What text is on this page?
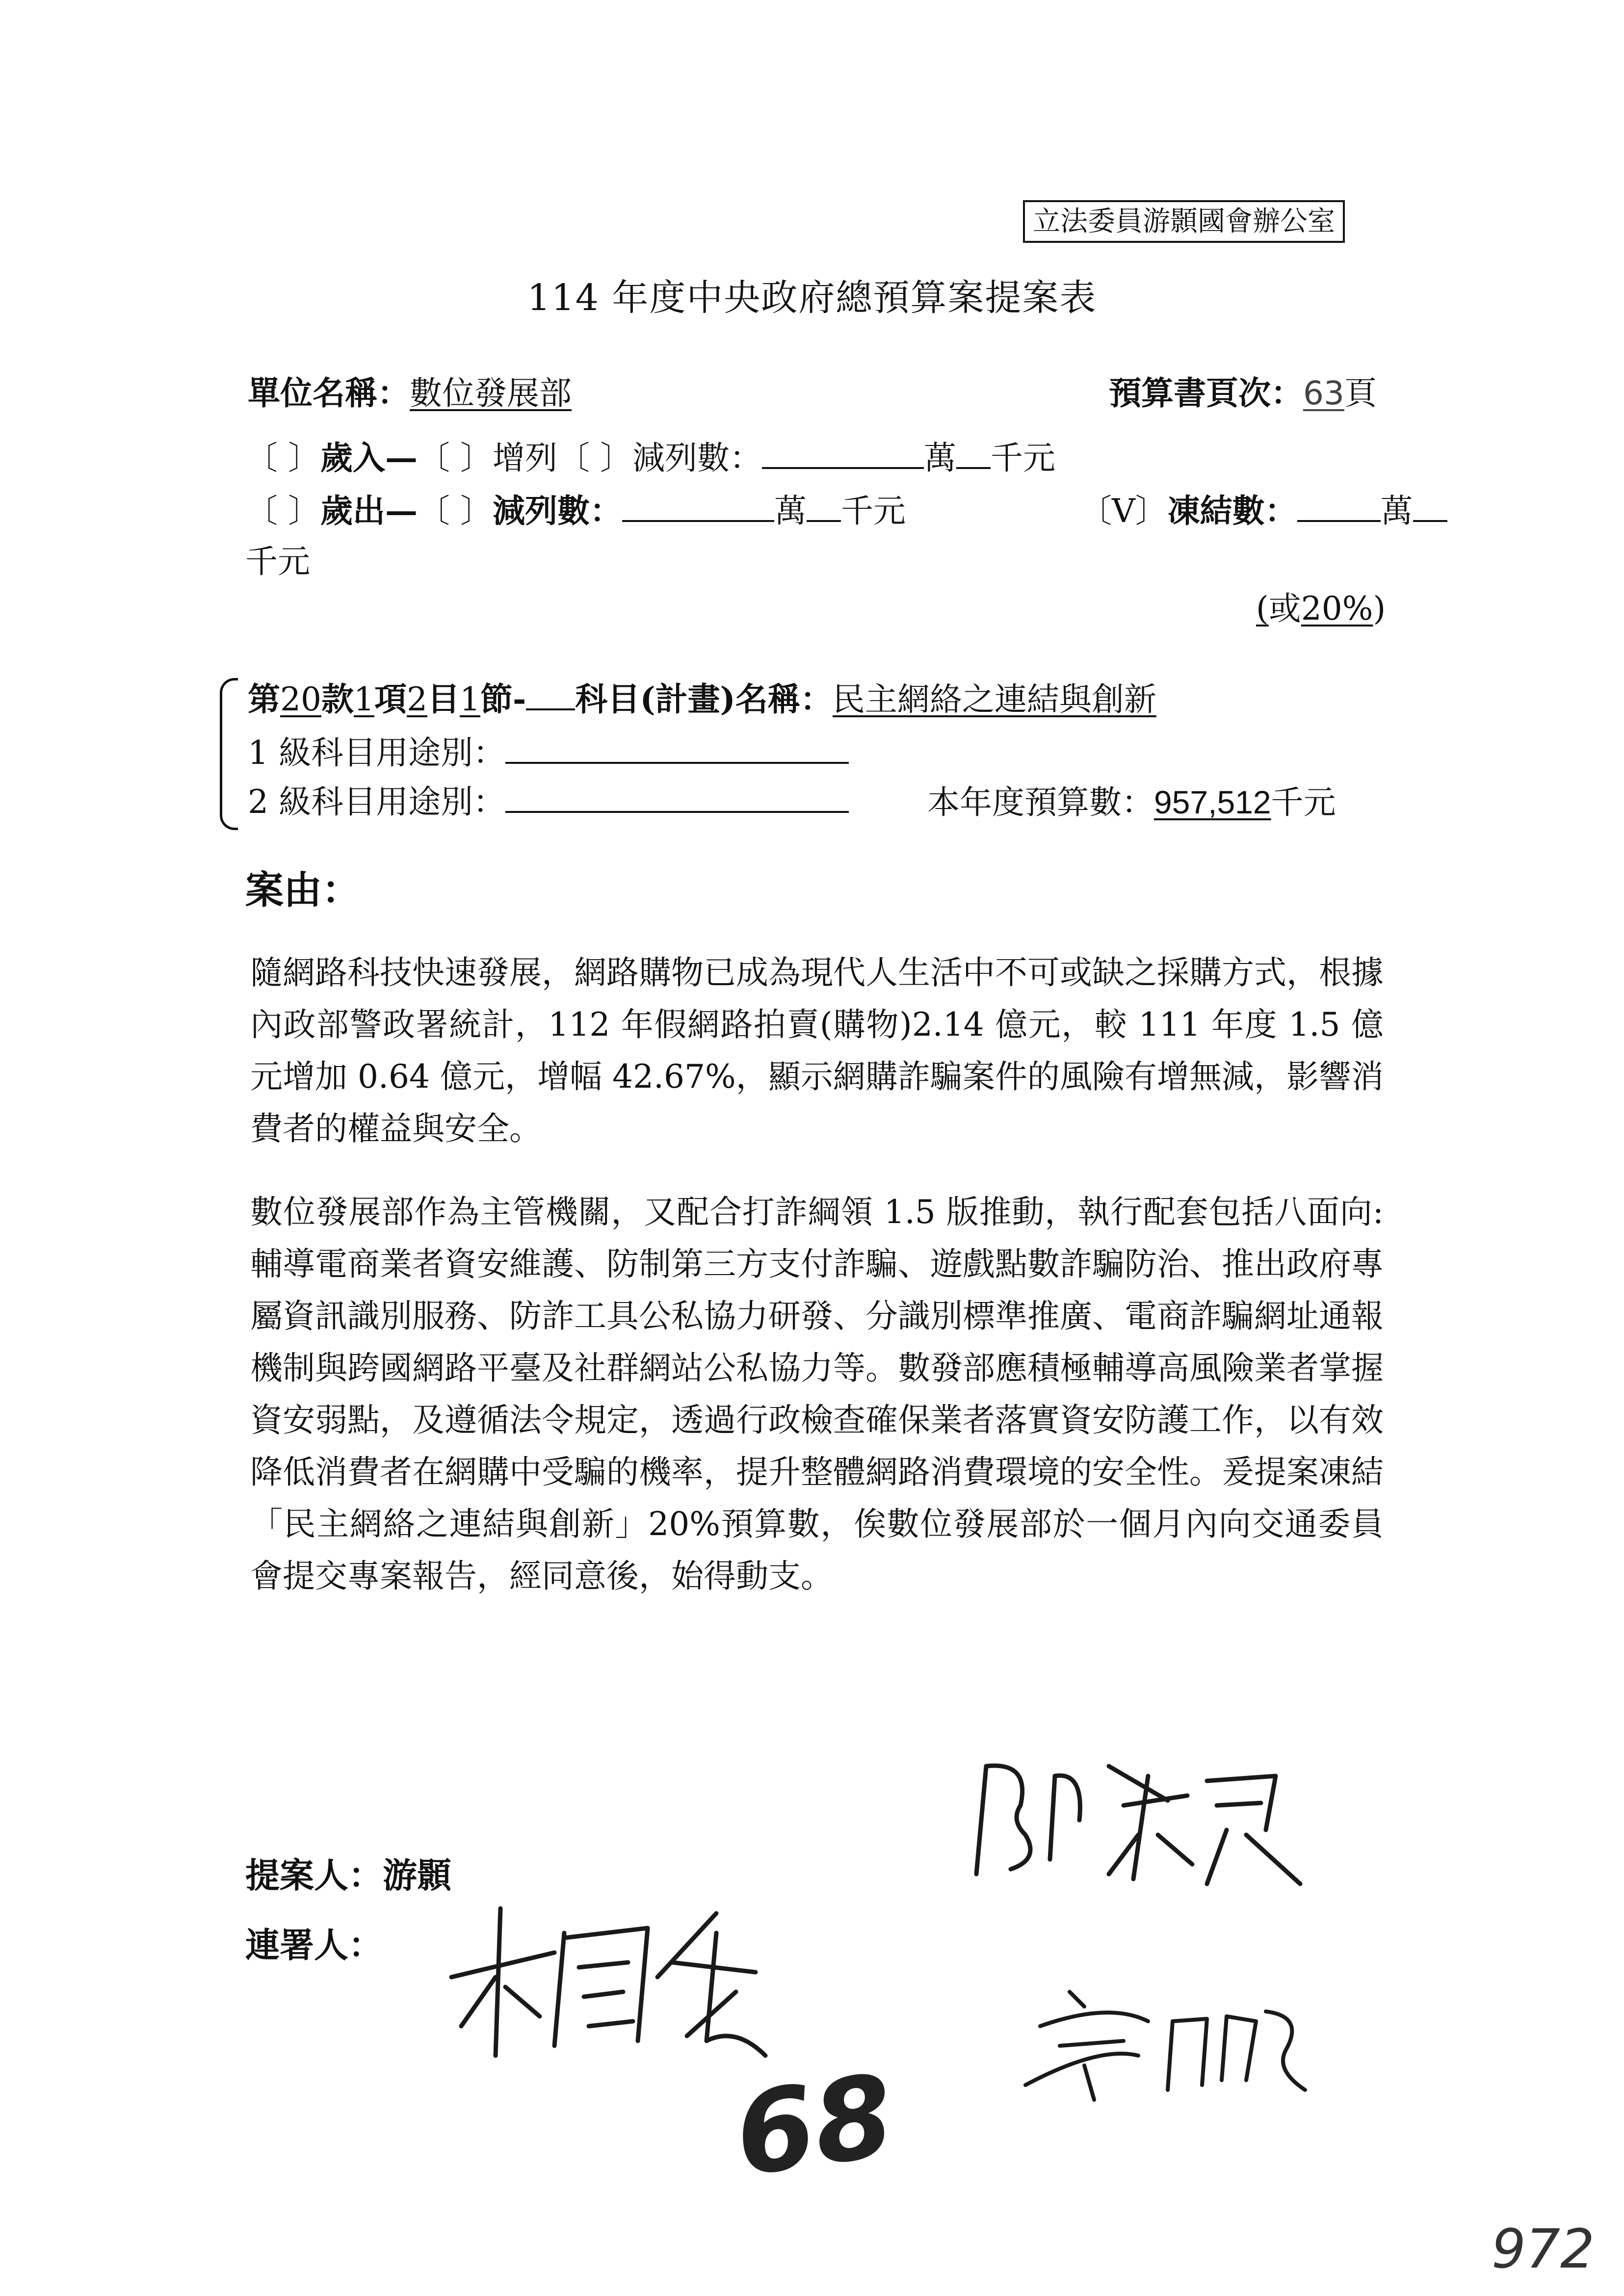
立法委員游顥國會辦公室
114 年度中央政府總預算案提案表
單位名稱：數位發展部	預算書頁次：63頁
〔 〕歲入—〔 〕增列〔 〕減列數：	萬 千元
〔 〕歲出—〔 〕減列數：	萬 千元	〔V〕凍結數：	萬
千元
(或20%)
第20款1項2目1節- 科目(計畫)名稱：民主網絡之連結與創新
1 級科目用途別：
2 級科目用途別：	本年度預算數：957,512千元
案由：
隨網路科技快速發展，網路購物已成為現代人生活中不可或缺之採購方式，根據內政部警政署統計，112 年假網路拍賣(購物)2.14 億元，較 111 年度 1.5 億元增加 0.64 億元，增幅 42.67%，顯示網購詐騙案件的風險有增無減，影響消費者的權益與安全。
數位發展部作為主管機關，又配合打詐綱領 1.5 版推動，執行配套包括八面向:輔導電商業者資安維護、防制第三方支付詐騙、遊戲點數詐騙防治、推出政府專屬資訊識別服務、防詐工具公私協力研發、分識別標準推廣、電商詐騙網址通報機制與跨國網路平臺及社群網站公私協力等。數發部應積極輔導高風險業者掌握資安弱點，及遵循法令規定，透過行政檢查確保業者落實資安防護工作，以有效降低消費者在網購中受騙的機率，提升整體網路消費環境的安全性。爰提案凍結「民主網絡之連結與創新」20%預算數，俟數位發展部於一個月內向交通委員會提交專案報告，經同意後，始得動支。
提案人：游顥
連署人：
68
972
